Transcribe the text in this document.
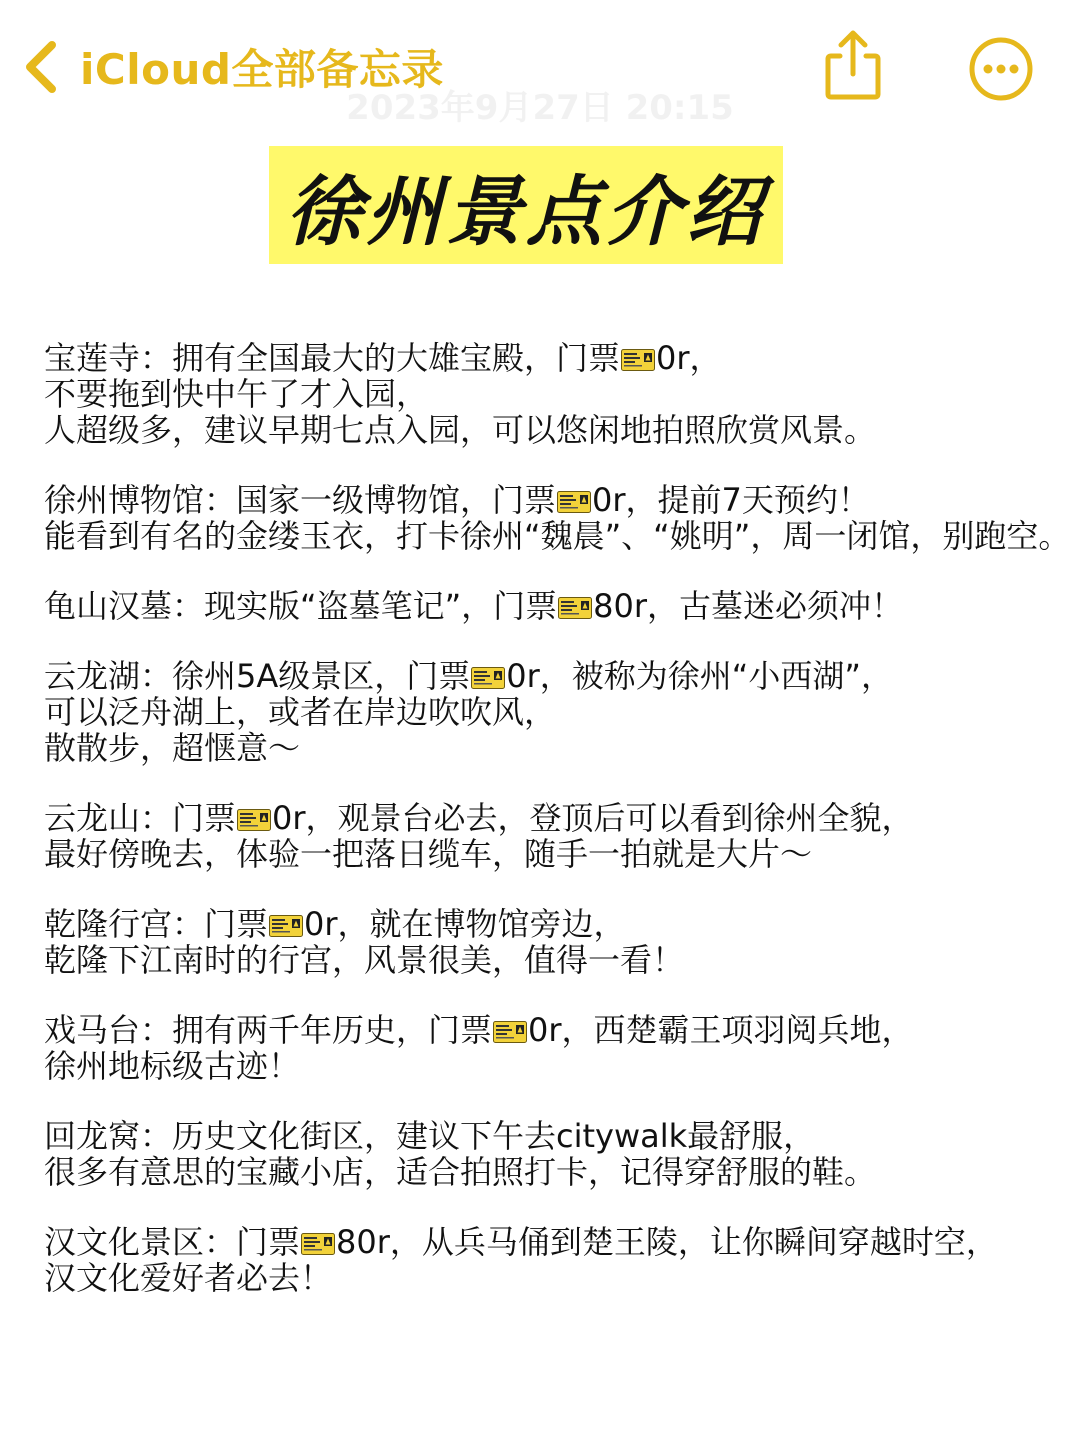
iCloud全部备忘录
2023年9月27日 20:15
徐州景点介绍
宝莲寺：拥有全国最大的大雄宝殿，门票 0r，
不要拖到快中午了才入园，
人超级多，建议早期七点入园，可以悠闲地拍照欣赏风景。
徐州博物馆：国家一级博物馆，门票 0r，提前7天预约！
能看到有名的金缕玉衣，打卡徐州“魏晨”、“姚明”，周一闭馆，别跑空。
龟山汉墓：现实版“盗墓笔记”，门票 80r，古墓迷必须冲！
云龙湖：徐州5A级景区，门票 0r，被称为徐州“小西湖”，
可以泛舟湖上，或者在岸边吹吹风，
散散步，超惬意～
云龙山：门票 0r，观景台必去，登顶后可以看到徐州全貌，
最好傍晚去，体验一把落日缆车，随手一拍就是大片～
乾隆行宫：门票 0r，就在博物馆旁边，
乾隆下江南时的行宫，风景很美，值得一看！
戏马台：拥有两千年历史，门票 0r，西楚霸王项羽阅兵地，
徐州地标级古迹！
回龙窝：历史文化街区，建议下午去citywalk最舒服，
很多有意思的宝藏小店，适合拍照打卡，记得穿舒服的鞋。
汉文化景区：门票 80r，从兵马俑到楚王陵，让你瞬间穿越时空，
汉文化爱好者必去！
